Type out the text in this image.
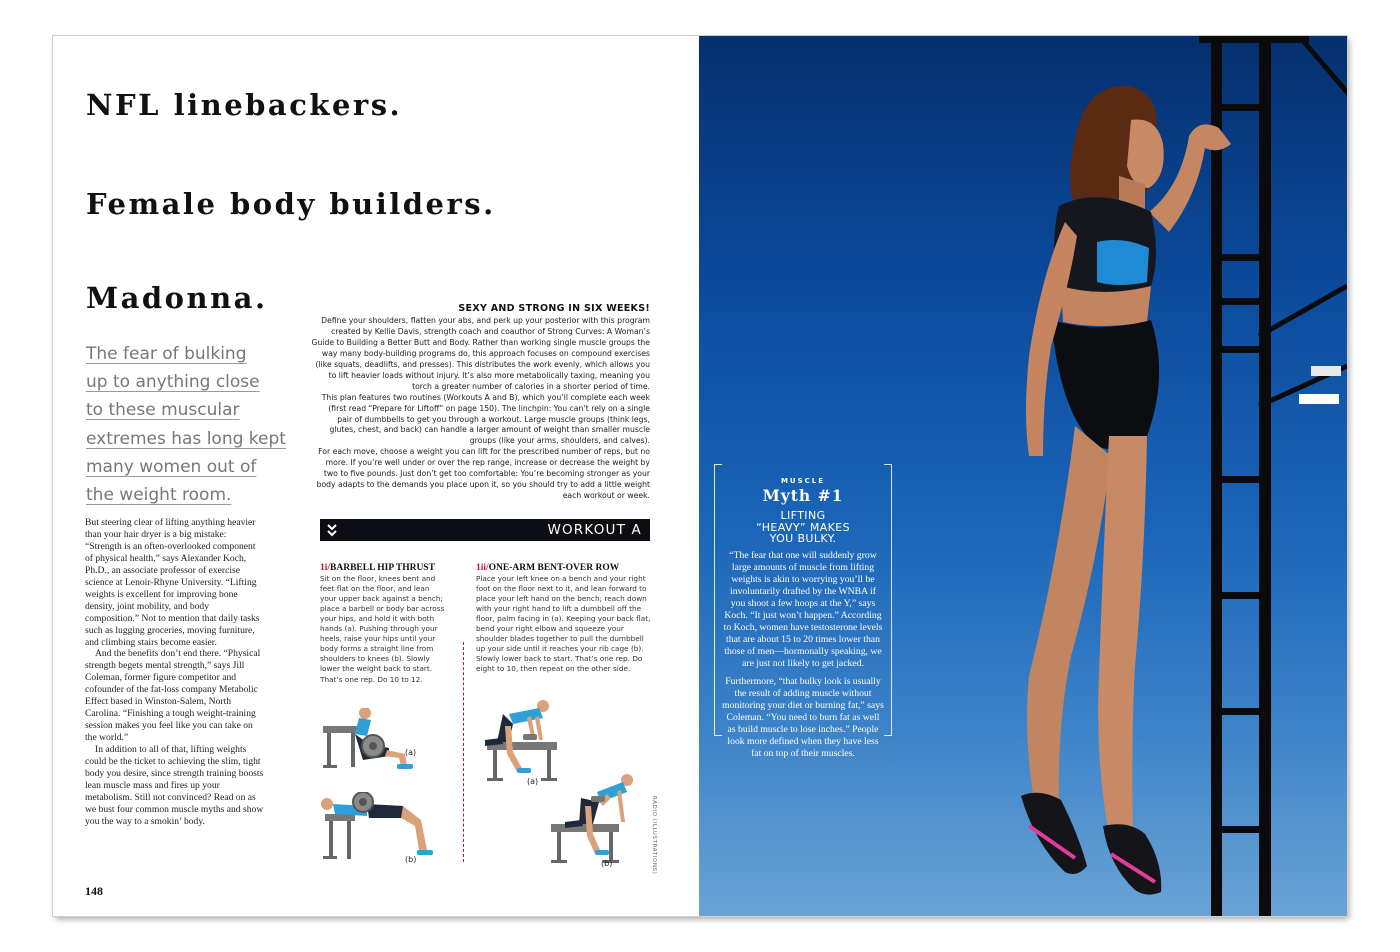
NFL linebackers.
Female body builders.
Madonna.
The fear of bulking
up to anything close
to these muscular
extremes has long kept
many women out of
the weight room.

But steering clear of lifting anything heavier than your hair dryer is a big mistake: “Strength is an often-overlooked component of physical health,” says Alexander Koch, Ph.D., an associate professor of exercise science at Lenoir-Rhyne University. “Lifting weights is excellent for improving bone density, joint mobility, and body composition.” Not to mention that daily tasks such as lugging groceries, moving furniture, and climbing stairs become easier.

And the benefits don’t end there. “Physical strength begets mental strength,” says Jill Coleman, former figure competitor and cofounder of the fat-loss company Metabolic Effect based in Winston-Salem, North Carolina. “Finishing a tough weight-training session makes you feel like you can take on the world.”

In addition to all of that, lifting weights could be the ticket to achieving the slim, tight body you desire, since strength training boosts lean muscle mass and fires up your metabolism. Still not convinced? Read on as we bust four common muscle myths and show you the way to a smokin’ body.

148
SEXY AND STRONG IN SIX WEEKS!

Define your shoulders, flatten your abs, and perk up your posterior with this program created by Kellie Davis, strength coach and coauthor of Strong Curves: A Woman’s Guide to Building a Better Butt and Body. Rather than working single muscle groups the way many body-building programs do, this approach focuses on compound exercises (like squats, deadlifts, and presses). This distributes the work evenly, which allows you to lift heavier loads without injury. It’s also more metabolically taxing, meaning you torch a greater number of calories in a shorter period of time.

This plan features two routines (Workouts A and B), which you’ll complete each week (first read “Prepare for Liftoff” on page 150). The linchpin: You can’t rely on a single pair of dumbbells to get you through a workout. Large muscle groups (think legs, glutes, chest, and back) can handle a larger amount of weight than smaller muscle groups (like your arms, shoulders, and calves).

For each move, choose a weight you can lift for the prescribed number of reps, but no more. If you’re well under or over the rep range, increase or decrease the weight by two to five pounds. Just don’t get too comfortable: You’re becoming stronger as your body adapts to the demands you place upon it, so you should try to add a little weight each workout or week.

WORKOUT A
1i/BARBELL HIP THRUST

Sit on the floor, knees bent and feet flat on the floor, and lean your upper back against a bench; place a barbell or body bar across your hips, and hold it with both hands (a). Pushing through your heels, raise your hips until your body forms a straight line from shoulders to knees (b). Slowly lower the weight back to start. That’s one rep. Do 10 to 12.

1ii/ONE-ARM BENT-OVER ROW

Place your left knee on a bench and your right foot on the floor next to it, and lean forward to place your left hand on the bench; reach down with your right hand to lift a dumbbell off the floor, palm facing in (a). Keeping your back flat, bend your right elbow and squeeze your shoulder blades together to pull the dumbbell up your side until it reaches your rib cage (b). Slowly lower back to start. That’s one rep. Do eight to 10, then repeat on the other side.

(a)
(b)
(a)
(b)	RADIO (ILLUSTRATIONS)
MUSCLE
Myth #1
LIFTING
“HEAVY” MAKES
YOU BULKY.

“The fear that one will suddenly grow large amounts of muscle from lifting weights is akin to worrying you’ll be involuntarily drafted by the WNBA if you shoot a few hoops at the Y,” says Koch. “It just won’t happen.” According to Koch, women have testosterone levels that are about 15 to 20 times lower than those of men—hormonally speaking, we are just not likely to get jacked.

Furthermore, “that bulky look is usually the result of adding muscle without monitoring your diet or burning fat,” says Coleman. “You need to burn fat as well as build muscle to lose inches.” People look more defined when they have less fat on top of their muscles.
